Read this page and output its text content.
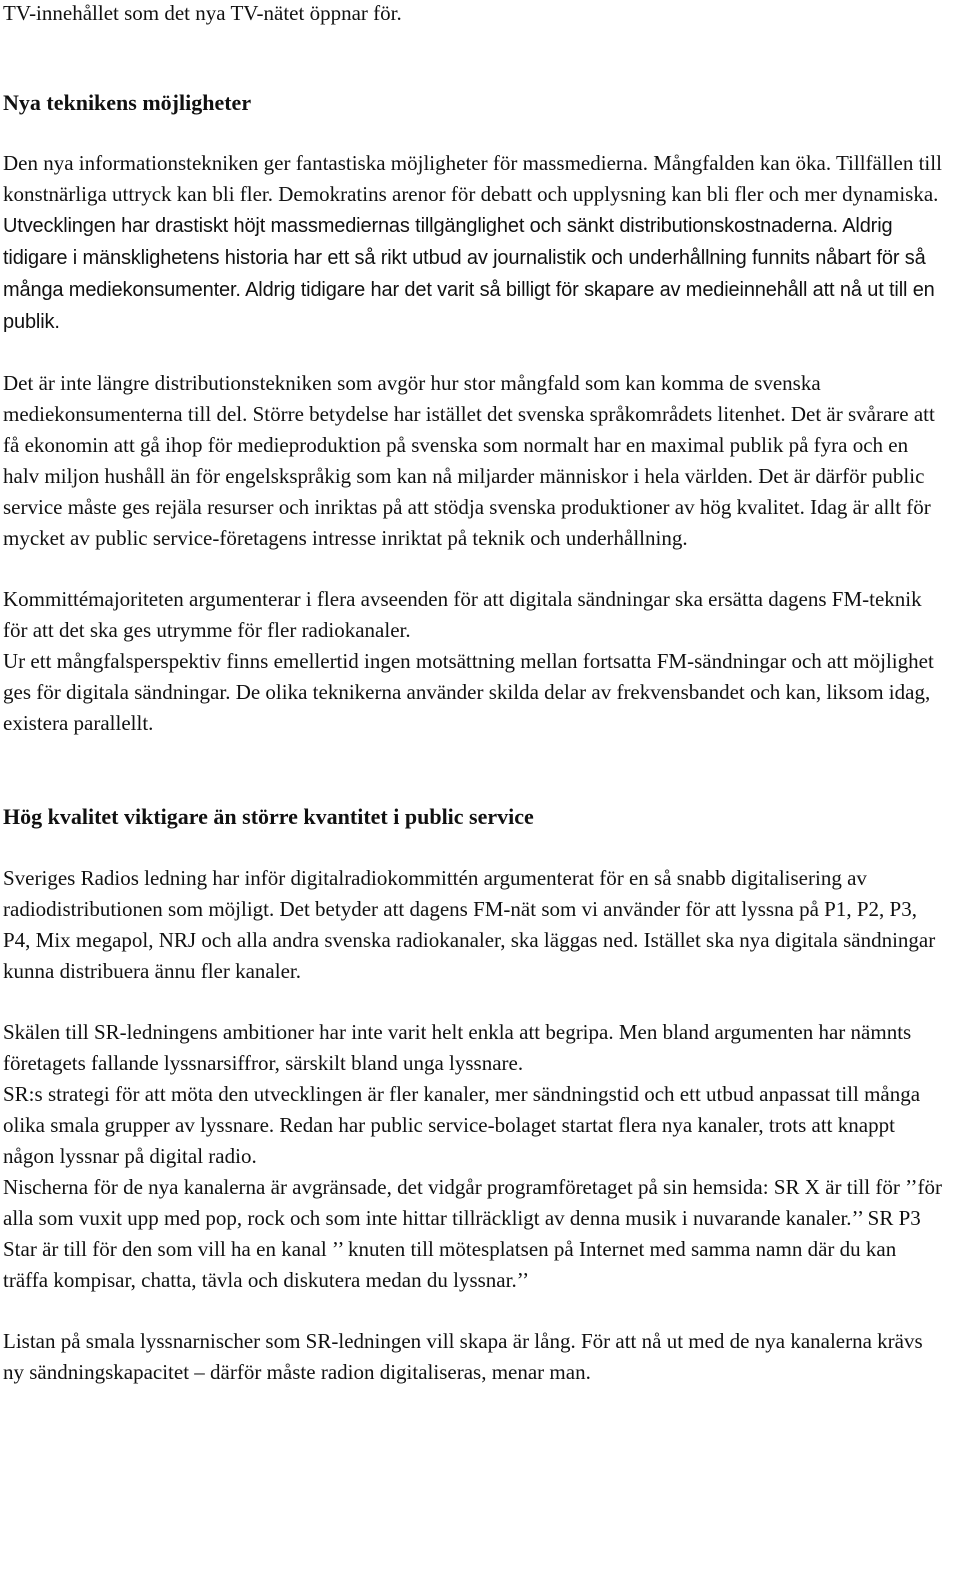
TV-innehållet som det nya TV-nätet öppnar för.

Nya teknikens möjligheter

Den nya informationstekniken ger fantastiska möjligheter för massmedierna. Mångfalden kan öka. Tillfällen till konstnärliga uttryck kan bli fler. Demokratins arenor för debatt och upplysning kan bli fler och mer dynamiska. Utvecklingen har drastiskt höjt massmediernas tillgänglighet och sänkt distributionskostnaderna. Aldrig tidigare i mänsklighetens historia har ett så rikt utbud av journalistik och underhållning funnits nåbart för så många mediekonsumenter. Aldrig tidigare har det varit så billigt för skapare av medieinnehåll att nå ut till en publik.

Det är inte längre distributionstekniken som avgör hur stor mångfald som kan komma de svenska mediekonsumenterna till del. Större betydelse har istället det svenska språkområdets litenhet. Det är svårare att få ekonomin att gå ihop för medieproduktion på svenska som normalt har en maximal publik på fyra och en halv miljon hushåll än för engelskspråkig som kan nå miljarder människor i hela världen. Det är därför public service måste ges rejäla resurser och inriktas på att stödja svenska produktioner av hög kvalitet. Idag är allt för mycket av public service-företagens intresse inriktat på teknik och underhållning.

Kommittémajoriteten argumenterar i flera avseenden för att digitala sändningar ska ersätta dagens FM-teknik för att det ska ges utrymme för fler radiokanaler.

Ur ett mångfalsperspektiv finns emellertid ingen motsättning mellan fortsatta FM-sändningar och att möjlighet ges för digitala sändningar. De olika teknikerna använder skilda delar av frekvensbandet och kan, liksom idag, existera parallellt.

Hög kvalitet viktigare än större kvantitet i public service

Sveriges Radios ledning har inför digitalradiokommittén argumenterat för en så snabb digitalisering av radiodistributionen som möjligt. Det betyder att dagens FM-nät som vi använder för att lyssna på P1, P2, P3, P4, Mix megapol, NRJ och alla andra svenska radiokanaler, ska läggas ned. Istället ska nya digitala sändningar kunna distribuera ännu fler kanaler.

Skälen till SR-ledningens ambitioner har inte varit helt enkla att begripa. Men bland argumenten har nämnts företagets fallande lyssnarsiffror, särskilt bland unga lyssnare.

SR:s strategi för att möta den utvecklingen är fler kanaler, mer sändningstid och ett utbud anpassat till många olika smala grupper av lyssnare. Redan har public service-bolaget startat flera nya kanaler, trots att knappt någon lyssnar på digital radio.

Nischerna för de nya kanalerna är avgränsade, det vidgår programföretaget på sin hemsida: SR X är till för ’’för alla som vuxit upp med pop, rock och som inte hittar tillräckligt av denna musik i nuvarande kanaler.’’ SR P3 Star är till för den som vill ha en kanal ’’ knuten till mötesplatsen på Internet med samma namn där du kan träffa kompisar, chatta, tävla och diskutera medan du lyssnar.’’

Listan på smala lyssnarnischer som SR-ledningen vill skapa är lång. För att nå ut med de nya kanalerna krävs ny sändningskapacitet – därför måste radion digitaliseras, menar man.
